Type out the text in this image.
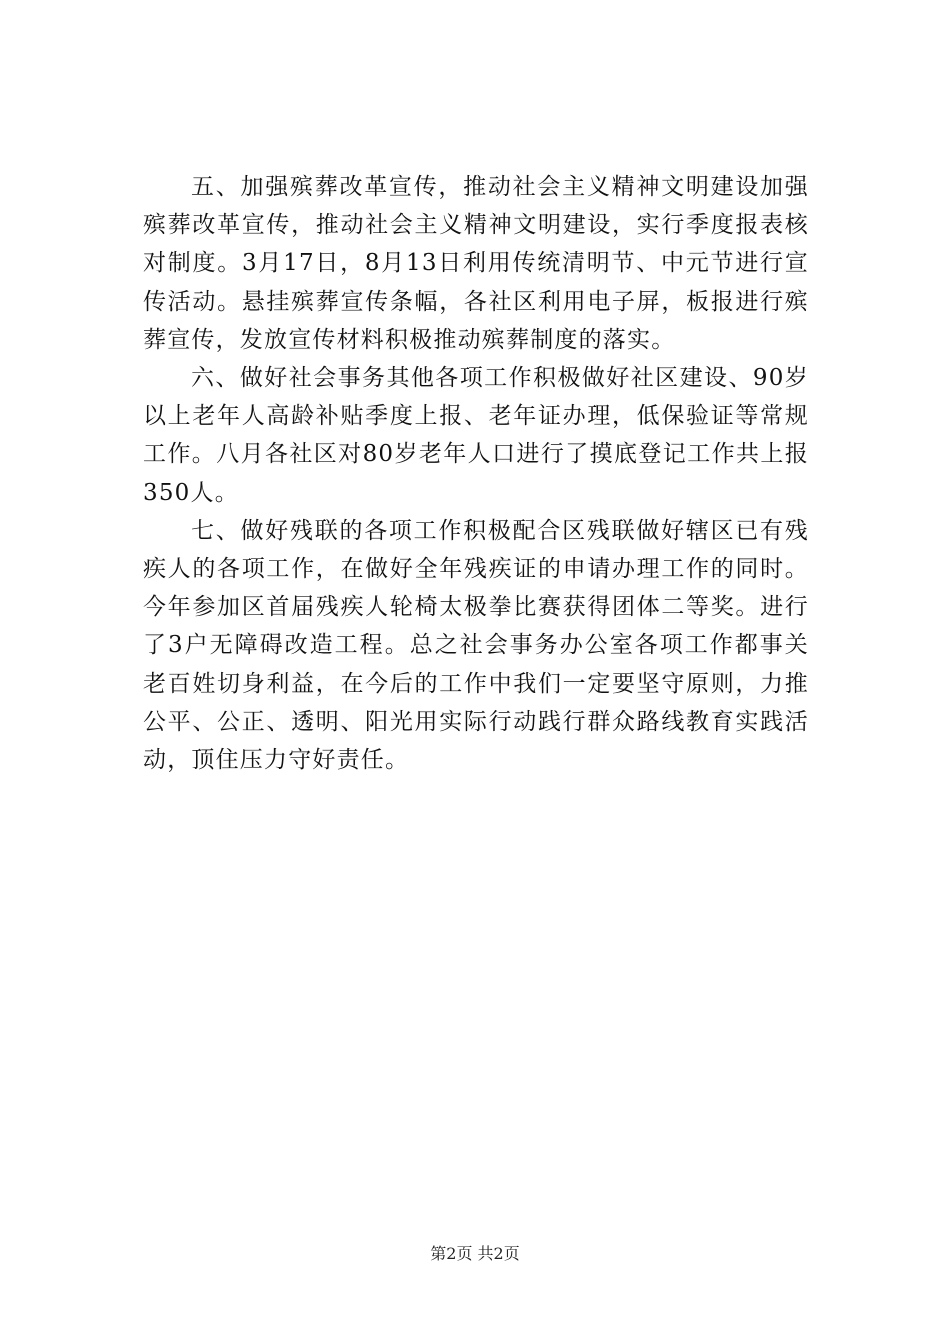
五、加强殡葬改革宣传，推动社会主义精神文明建设加强殡葬改革宣传，推动社会主义精神文明建设，实行季度报表核对制度。3月17日，8月13日利用传统清明节、中元节进行宣传活动。悬挂殡葬宣传条幅，各社区利用电子屏，板报进行殡葬宣传，发放宣传材料积极推动殡葬制度的落实。

六、做好社会事务其他各项工作积极做好社区建设、90岁以上老年人高龄补贴季度上报、老年证办理，低保验证等常规工作。八月各社区对80岁老年人口进行了摸底登记工作共上报350人。

七、做好残联的各项工作积极配合区残联做好辖区已有残疾人的各项工作，在做好全年残疾证的申请办理工作的同时。今年参加区首届残疾人轮椅太极拳比赛获得团体二等奖。进行了3户无障碍改造工程。总之社会事务办公室各项工作都事关老百姓切身利益，在今后的工作中我们一定要坚守原则，力推公平、公正、透明、阳光用实际行动践行群众路线教育实践活动，顶住压力守好责任。

第2页 共2页
